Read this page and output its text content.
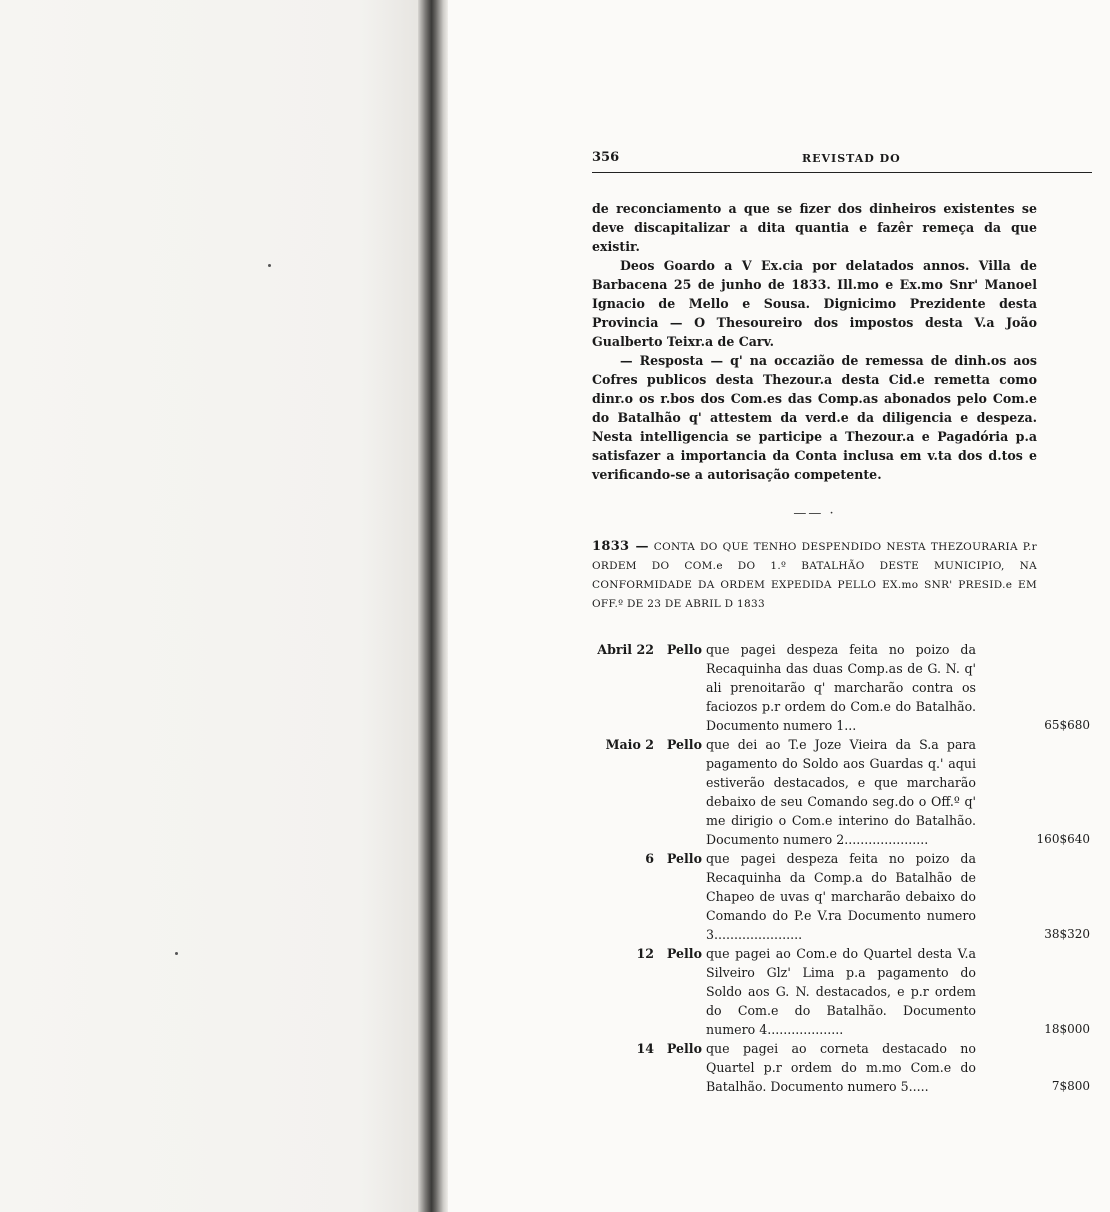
356	REVISTAD DO

de reconciamento a que se fizer dos dinheiros existentes se deve discapitalizar a dita quantia e fazêr remeça da que existir.

Deos Goardo a V Ex.cia por delatados annos. Villa de Barbacena 25 de junho de 1833. Ill.mo e Ex.mo Snr' Manoel Ignacio de Mello e Sousa. Dignicimo Prezidente desta Provincia — O Thesoureiro dos impostos desta V.a João Gualberto Teixr.a de Carv.

— Resposta — q' na occazião de remessa de dinh.os aos Cofres publicos desta Thezour.a desta Cid.e remetta como dinr.o os r.bos dos Com.es das Comp.as abonados pelo Com.e do Batalhão q' attestem da verd.e da diligencia e despeza. Nesta intelligencia se participe a Thezour.a e Pagadória p.a satisfazer a importancia da Conta inclusa em v.ta dos d.tos e verificando-se a autorisação competente.

—— ·
1833 — CONTA DO QUE TENHO DESPENDIDO NESTA THEZOURARIA P.r ORDEM DO COM.e DO 1.º BATALHÃO DESTE MUNICIPIO, NA CONFORMIDADE DA ORDEM EXPEDIDA PELLO EX.mo SNR' PRESID.e EM OFF.º DE 23 DE ABRIL D 1833
Abril 22	Pello que pagei despeza feita no poizo da Recaquinha das duas Comp.as de G. N. q' ali prenoitarão q' marcharão contra os faciozos p.r ordem do Com.e do Batalhão. Documento numero 1...	65$680
Maio 2	Pello que dei ao T.e Joze Vieira da S.a para pagamento do Soldo aos Guardas q.' aqui estiverão destacados, e que marcharão debaixo de seu Comando seg.do o Off.º q' me dirigio o Com.e interino do Batalhão. Documento numero 2.....................	160$640
6	Pello que pagei despeza feita no poizo da Recaquinha da Comp.a do Batalhão de Chapeo de uvas q' marcharão debaixo do Comando do P.e V.ra Documento numero 3......................	38$320
12	Pello que pagei ao Com.e do Quartel desta V.a Silveiro Glz' Lima p.a pagamento do Soldo aos G. N. destacados, e p.r ordem do Com.e do Batalhão. Documento numero 4...................	18$000
14	Pello que pagei ao corneta destacado no Quartel p.r ordem do m.mo Com.e do Batalhão. Documento numero 5.....	7$800
